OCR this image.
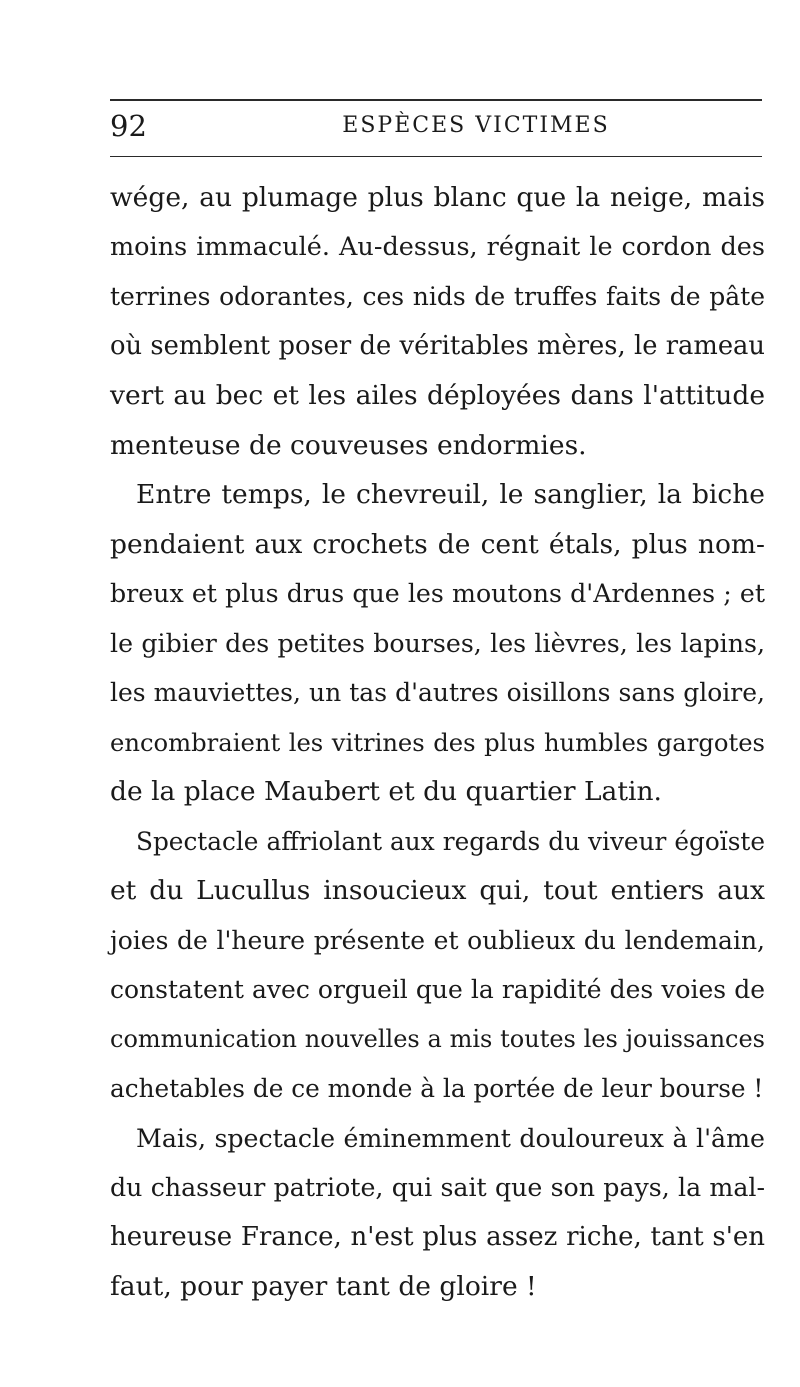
92	ESPÈCES VICTIMES
wége, au plumage plus blanc que la neige, mais
moins immaculé. Au-dessus, régnait le cordon des
terrines odorantes, ces nids de truffes faits de pâte
où semblent poser de véritables mères, le rameau
vert au bec et les ailes déployées dans l'attitude
menteuse de couveuses endormies.
Entre temps, le chevreuil, le sanglier, la biche
pendaient aux crochets de cent étals, plus nom-
breux et plus drus que les moutons d'Ardennes ; et
le gibier des petites bourses, les lièvres, les lapins,
les mauviettes, un tas d'autres oisillons sans gloire,
encombraient les vitrines des plus humbles gargotes
de la place Maubert et du quartier Latin.
Spectacle affriolant aux regards du viveur égoïste
et du Lucullus insoucieux qui, tout entiers aux
joies de l'heure présente et oublieux du lendemain,
constatent avec orgueil que la rapidité des voies de
communication nouvelles a mis toutes les jouissances
achetables de ce monde à la portée de leur bourse !
Mais, spectacle éminemment douloureux à l'âme
du chasseur patriote, qui sait que son pays, la mal-
heureuse France, n'est plus assez riche, tant s'en
faut, pour payer tant de gloire !
